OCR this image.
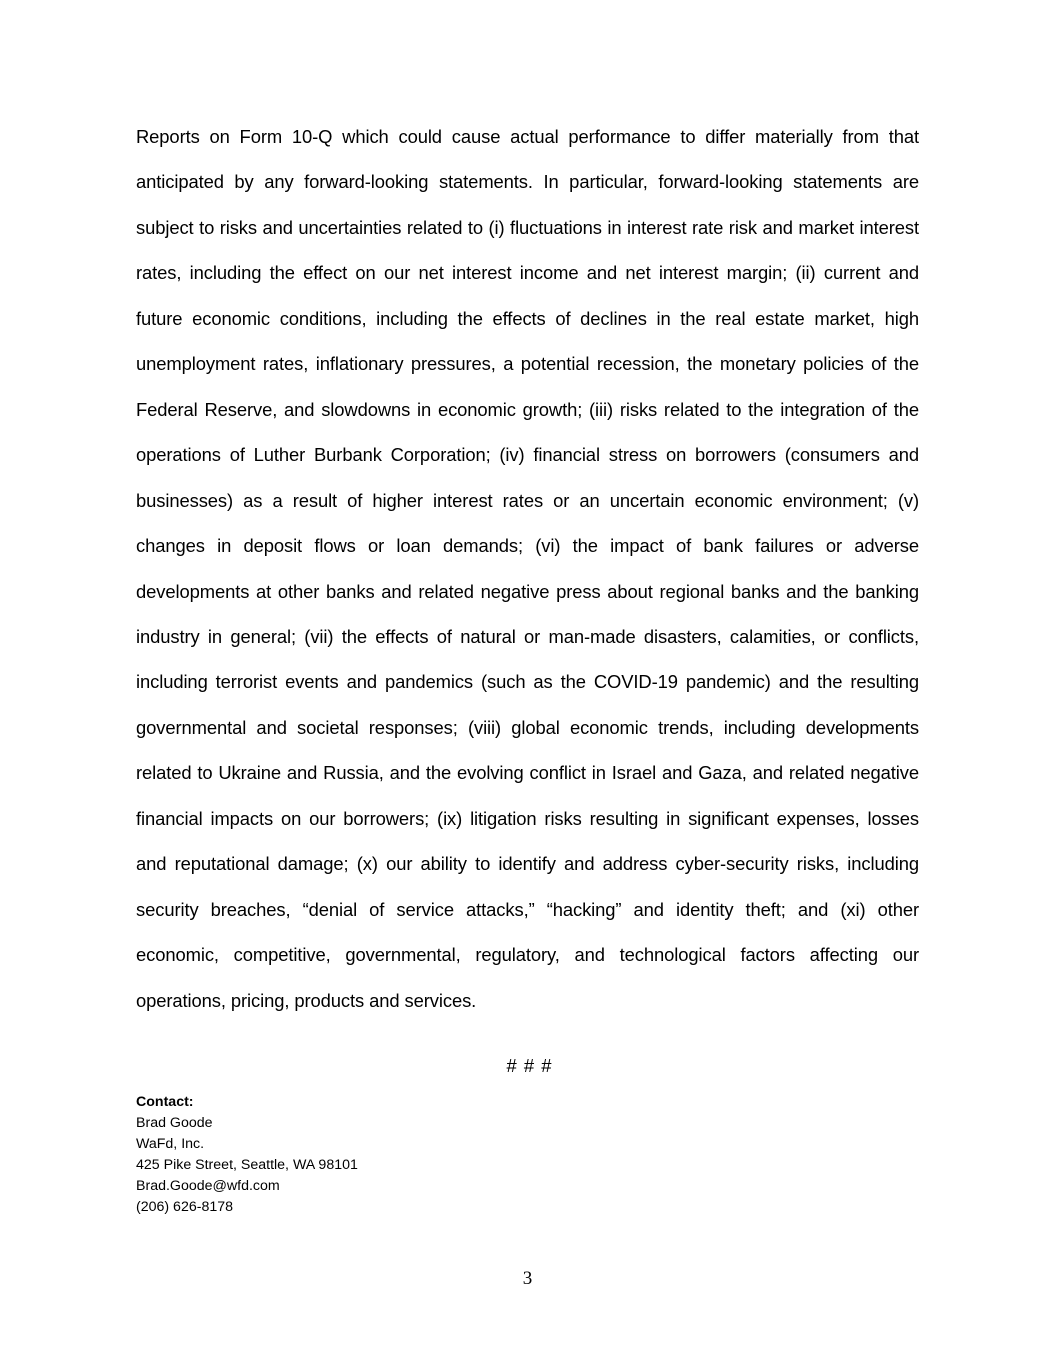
Reports on Form 10-Q which could cause actual performance to differ materially from that anticipated by any forward-looking statements. In particular, forward-looking statements are subject to risks and uncertainties related to (i) fluctuations in interest rate risk and market interest rates, including the effect on our net interest income and net interest margin; (ii) current and future economic conditions, including the effects of declines in the real estate market, high unemployment rates, inflationary pressures, a potential recession, the monetary policies of the Federal Reserve, and slowdowns in economic growth; (iii) risks related to the integration of the operations of Luther Burbank Corporation; (iv) financial stress on borrowers (consumers and businesses) as a result of higher interest rates or an uncertain economic environment; (v) changes in deposit flows or loan demands; (vi) the impact of bank failures or adverse developments at other banks and related negative press about regional banks and the banking industry in general; (vii) the effects of natural or man-made disasters, calamities, or conflicts, including terrorist events and pandemics (such as the COVID-19 pandemic) and the resulting governmental and societal responses; (viii) global economic trends, including developments related to Ukraine and Russia, and the evolving conflict in Israel and Gaza, and related negative financial impacts on our borrowers; (ix) litigation risks resulting in significant expenses, losses and reputational damage; (x) our ability to identify and address cyber-security risks, including security breaches, “denial of service attacks,” “hacking” and identity theft; and (xi) other economic, competitive, governmental, regulatory, and technological factors affecting our operations, pricing, products and services.

# # #
Contact:
Brad Goode
WaFd, Inc.
425 Pike Street, Seattle, WA 98101
Brad.Goode@wfd.com
(206) 626-8178
3
